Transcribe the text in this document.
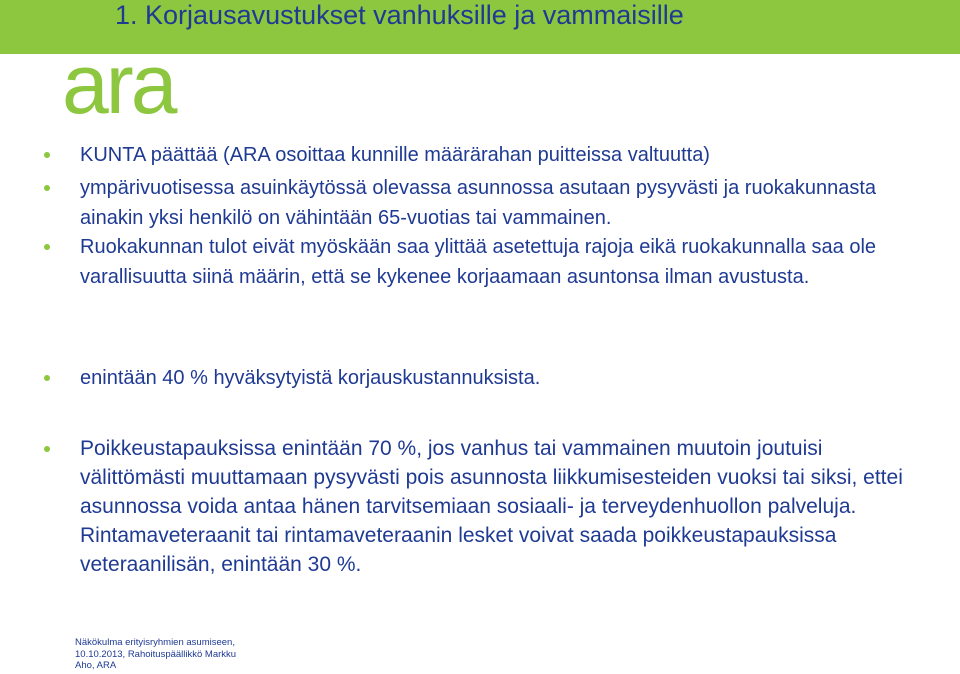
1. Korjausavustukset vanhuksille ja vammaisille
ara
KUNTA päättää (ARA osoittaa kunnille määrärahan puitteissa valtuutta)
ympärivuotisessa asuinkäytössä olevassa asunnossa asutaan pysyvästi ja ruokakunnasta ainakin yksi henkilö on vähintään 65-vuotias tai vammainen.
Ruokakunnan tulot eivät myöskään saa ylittää asetettuja rajoja eikä ruokakunnalla saa ole varallisuutta siinä määrin, että se kykenee korjaamaan asuntonsa ilman avustusta.
enintään 40 % hyväksytyistä korjauskustannuksista.
Poikkeustapauksissa enintään 70 %, jos vanhus tai vammainen muutoin joutuisi välittömästi muuttamaan pysyvästi pois asunnosta liikkumisesteiden vuoksi tai siksi, ettei asunnossa voida antaa hänen tarvitsemiaan sosiaali- ja terveydenhuollon palveluja. Rintamaveteraanit tai rintamaveteraanin lesket voivat saada poikkeustapauksissa veteraanilisän, enintään 30 %.
Näkökulma erityisryhmien asumiseen,
10.10.2013, Rahoituspäällikkö Markku
Aho, ARA
